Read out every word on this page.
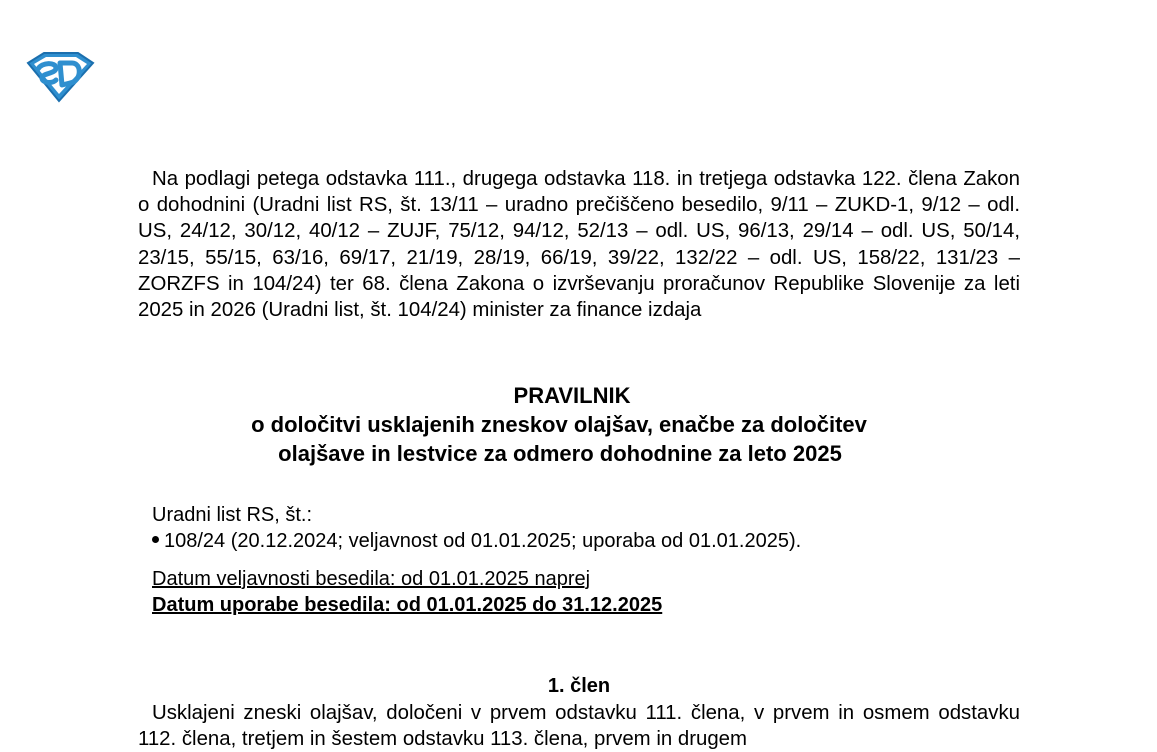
Na podlagi petega odstavka 111., drugega odstavka 118. in tretjega odstavka 122. člena Zakon o dohodnini (Uradni list RS, št. 13/11 – uradno prečiščeno besedilo, 9/11 – ZUKD-1, 9/12 – odl. US, 24/12, 30/12, 40/12 – ZUJF, 75/12, 94/12, 52/13 – odl. US, 96/13, 29/14 – odl. US, 50/14, 23/15, 55/15, 63/16, 69/17, 21/19, 28/19, 66/19, 39/22, 132/22 – odl. US, 158/22, 131/23 – ZORZFS in 104/24) ter 68. člena Zakona o izvrševanju proračunov Republike Slovenije za leti 2025 in 2026 (Uradni list, št. 104/24) minister za finance izdaja

PRAVILNIK
o določitvi usklajenih zneskov olajšav, enačbe za določitev
olajšave in lestvice za odmero dohodnine za leto 2025
Uradni list RS, št.:
108/24 (20.12.2024; veljavnost od 01.01.2025; uporaba od 01.01.2025).
Datum veljavnosti besedila: od 01.01.2025 naprej
Datum uporabe besedila: od 01.01.2025 do 31.12.2025
1. člen

Usklajeni zneski olajšav, določeni v prvem odstavku 111. člena, v prvem in osmem odstavku 112. člena, tretjem in šestem odstavku 113. člena, prvem in drugem
